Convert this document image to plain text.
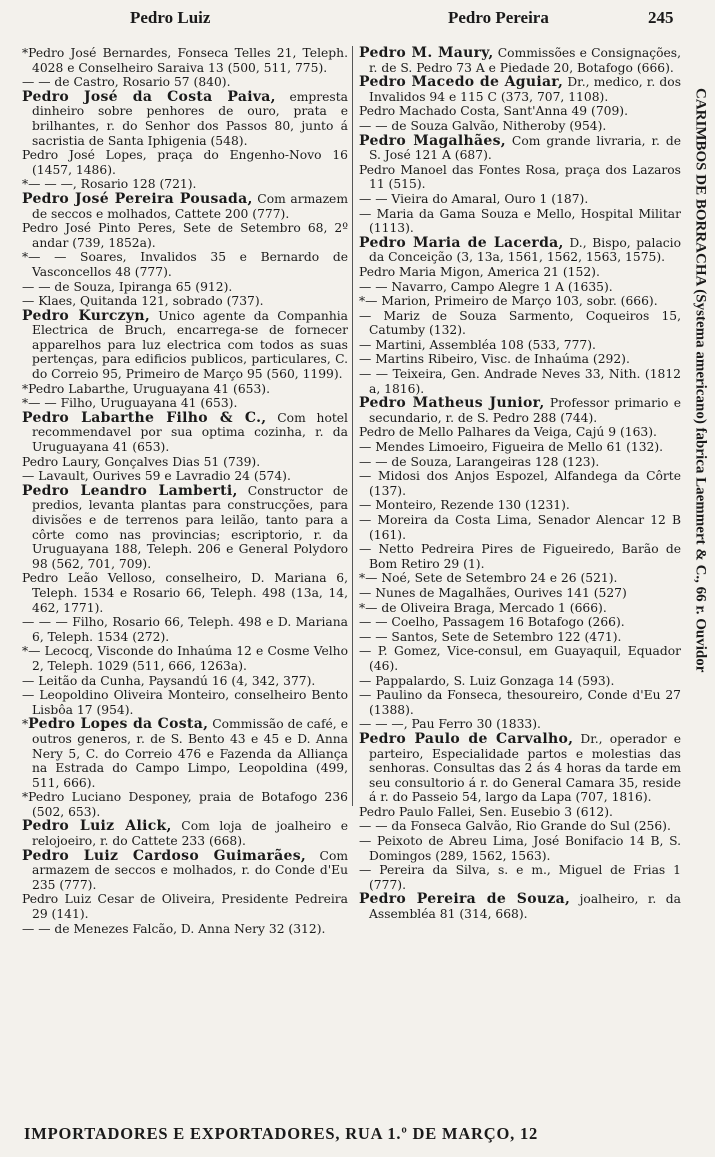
Pedro Luiz	Pedro Pereira	245

*Pedro José Bernardes, Fonseca Telles 21, Teleph. 4028 e Conselheiro Saraiva 13 (500, 511, 775).

— — de Castro, Rosario 57 (840).

Pedro José da Costa Paiva, empresta dinheiro sobre penhores de ouro, prata e brilhantes, r. do Senhor dos Passos 80, junto á sacristia de Santa Iphigenia (548).

Pedro José Lopes, praça do Engenho-Novo 16 (1457, 1486).

*— — —, Rosario 128 (721).

Pedro José Pereira Pousada, Com armazem de seccos e molhados, Cattete 200 (777).

Pedro José Pinto Peres, Sete de Setembro 68, 2º andar (739, 1852a).

*— — Soares, Invalidos 35 e Bernardo de Vasconcellos 48 (777).

— — de Souza, Ipiranga 65 (912).

— Klaes, Quitanda 121, sobrado (737).

Pedro Kurczyn, Unico agente da Companhia Electrica de Bruch, encarrega-se de fornecer apparelhos para luz electrica com todos as suas pertenças, para edificios publicos, particulares, C. do Correio 95, Primeiro de Março 95 (560, 1199).

*Pedro Labarthe, Uruguayana 41 (653).

*— — Filho, Uruguayana 41 (653).

Pedro Labarthe Filho & C., Com hotel recommendavel por sua optima cozinha, r. da Uruguayana 41 (653).

Pedro Laury, Gonçalves Dias 51 (739).

— Lavault, Ourives 59 e Lavradio 24 (574).

Pedro Leandro Lamberti, Constructor de predios, levanta plantas para construcções, para divisões e de terrenos para leilão, tanto para a côrte como nas provincias; escriptorio, r. da Uruguayana 188, Teleph. 206 e General Polydoro 98 (562, 701, 709).

Pedro Leão Velloso, conselheiro, D. Mariana 6, Teleph. 1534 e Rosario 66, Teleph. 498 (13a, 14, 462, 1771).

— — — Filho, Rosario 66, Teleph. 498 e D. Mariana 6, Teleph. 1534 (272).

*— Lecocq, Visconde do Inhaúma 12 e Cosme Velho 2, Teleph. 1029 (511, 666, 1263a).

— Leitão da Cunha, Paysandú 16 (4, 342, 377).

— Leopoldino Oliveira Monteiro, conselheiro Bento Lisbôa 17 (954).

*Pedro Lopes da Costa, Commissão de café, e outros generos, r. de S. Bento 43 e 45 e D. Anna Nery 5, C. do Correio 476 e Fazenda da Alliança na Estrada do Campo Limpo, Leopoldina (499, 511, 666).

*Pedro Luciano Desponey, praia de Botafogo 236 (502, 653).

Pedro Luiz Alick, Com loja de joalheiro e relojoeiro, r. do Cattete 233 (668).

Pedro Luiz Cardoso Guimarães, Com armazem de seccos e molhados, r. do Conde d'Eu 235 (777).

Pedro Luiz Cesar de Oliveira, Presidente Pedreira 29 (141).

— — de Menezes Falcão, D. Anna Nery 32 (312).

Pedro M. Maury, Commissões e Consignações, r. de S. Pedro 73 A e Piedade 20, Botafogo (666).

Pedro Macedo de Aguiar, Dr., medico, r. dos Invalidos 94 e 115 C (373, 707, 1108).

Pedro Machado Costa, Sant'Anna 49 (709).

— — de Souza Galvão, Nitheroby (954).

Pedro Magalhães, Com grande livraria, r. de S. José 121 A (687).

Pedro Manoel das Fontes Rosa, praça dos Lazaros 11 (515).

— — Vieira do Amaral, Ouro 1 (187).

— Maria da Gama Souza e Mello, Hospital Militar (1113).

Pedro Maria de Lacerda, D., Bispo, palacio da Conceição (3, 13a, 1561, 1562, 1563, 1575).

Pedro Maria Migon, America 21 (152).

— — Navarro, Campo Alegre 1 A (1635).

*— Marion, Primeiro de Março 103, sobr. (666).

— Mariz de Souza Sarmento, Coqueiros 15, Catumby (132).

— Martini, Assembléa 108 (533, 777).

— Martins Ribeiro, Visc. de Inhaúma (292).

— — Teixeira, Gen. Andrade Neves 33, Nith. (1812 a, 1816).

Pedro Matheus Junior, Professor primario e secundario, r. de S. Pedro 288 (744).

Pedro de Mello Palhares da Veiga, Cajú 9 (163).

— Mendes Limoeiro, Figueira de Mello 61 (132).

— — de Souza, Larangeiras 128 (123).

— Midosi dos Anjos Espozel, Alfandega da Côrte (137).

— Monteiro, Rezende 130 (1231).

— Moreira da Costa Lima, Senador Alencar 12 B (161).

— Netto Pedreira Pires de Figueiredo, Barão de Bom Retiro 29 (1).

*— Noé, Sete de Setembro 24 e 26 (521).

— Nunes de Magalhães, Ourives 141 (527)

*— de Oliveira Braga, Mercado 1 (666).

— — Coelho, Passagem 16 Botafogo (266).

— — Santos, Sete de Setembro 122 (471).

— P. Gomez, Vice-consul, em Guayaquil, Equador (46).

— Pappalardo, S. Luiz Gonzaga 14 (593).

— Paulino da Fonseca, thesoureiro, Conde d'Eu 27 (1388).

— — —, Pau Ferro 30 (1833).

Pedro Paulo de Carvalho, Dr., operador e parteiro, Especialidade partos e molestias das senhoras. Consultas das 2 ás 4 horas da tarde em seu consultorio á r. do General Camara 35, reside á r. do Passeio 54, largo da Lapa (707, 1816).

Pedro Paulo Fallei, Sen. Eusebio 3 (612).

— — da Fonseca Galvão, Rio Grande do Sul (256).

— Peixoto de Abreu Lima, José Bonifacio 14 B, S. Domingos (289, 1562, 1563).

— Pereira da Silva, s. e m., Miguel de Frias 1 (777).

Pedro Pereira de Souza, joalheiro, r. da Assembléa 81 (314, 668).

CARIMBOS DE BORRACHA (Systema americano) fabrica Laemmert & C., 66 r. Ouvidor
IMPORTADORES E EXPORTADORES, RUA 1.º DE MARÇO, 12
